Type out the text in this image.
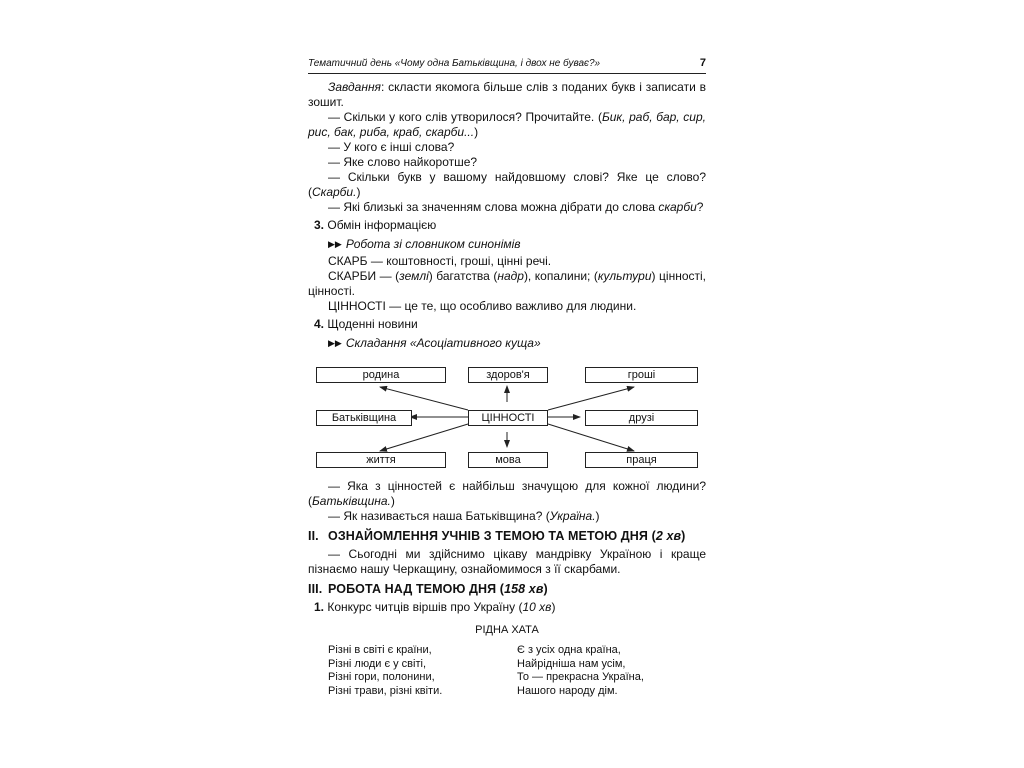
Тематичний день «Чому одна Батьківщина, і двох не буває?»	7

Завдання: скласти якомога більше слів з поданих букв і записати в зошит.

— Скільки у кого слів утворилося? Прочитайте. (Бик, раб, бар, сир, рис, бак, риба, краб, скарби...)

— У кого є інші слова?

— Яке слово найкоротше?

— Скільки букв у вашому найдовшому слові? Яке це слово? (Скарби.)

— Які близькі за значенням слова можна дібрати до слова скарби?

3. Обмін інформацією

▶▶ Робота зі словником синонімів

СКАРБ — коштовності, гроші, цінні речі.

СКАРБИ — (землі) багатства (надр), копалини; (культури) цінності, цінності.

ЦІННОСТІ — це те, що особливо важливо для людини.

4. Щоденні новини

▶▶ Складання «Асоціативного куща»
родина	здоров'я	гроші
Батьківщина	ЦІННОСТІ	друзі
життя	мова	праця

— Яка з цінностей є найбільш значущою для кожної людини? (Батьківщина.)

— Як називається наша Батьківщина? (Україна.)

II. ОЗНАЙОМЛЕННЯ УЧНІВ З ТЕМОЮ ТА МЕТОЮ ДНЯ (2 хв)

— Сьогодні ми здійснимо цікаву мандрівку Україною і краще пізнаємо нашу Черкащину, ознайомимося з її скарбами.

III. РОБОТА НАД ТЕМОЮ ДНЯ (158 хв)

1. Конкурс читців віршів про Україну (10 хв)

РІДНА ХАТА
Різні в світі є країни,
Різні люди є у світі,
Різні гори, полонини,
Різні трави, різні квіти.
Є з усіх одна країна,
Найрідніша нам усім,
То — прекрасна Україна,
Нашого народу дім.
